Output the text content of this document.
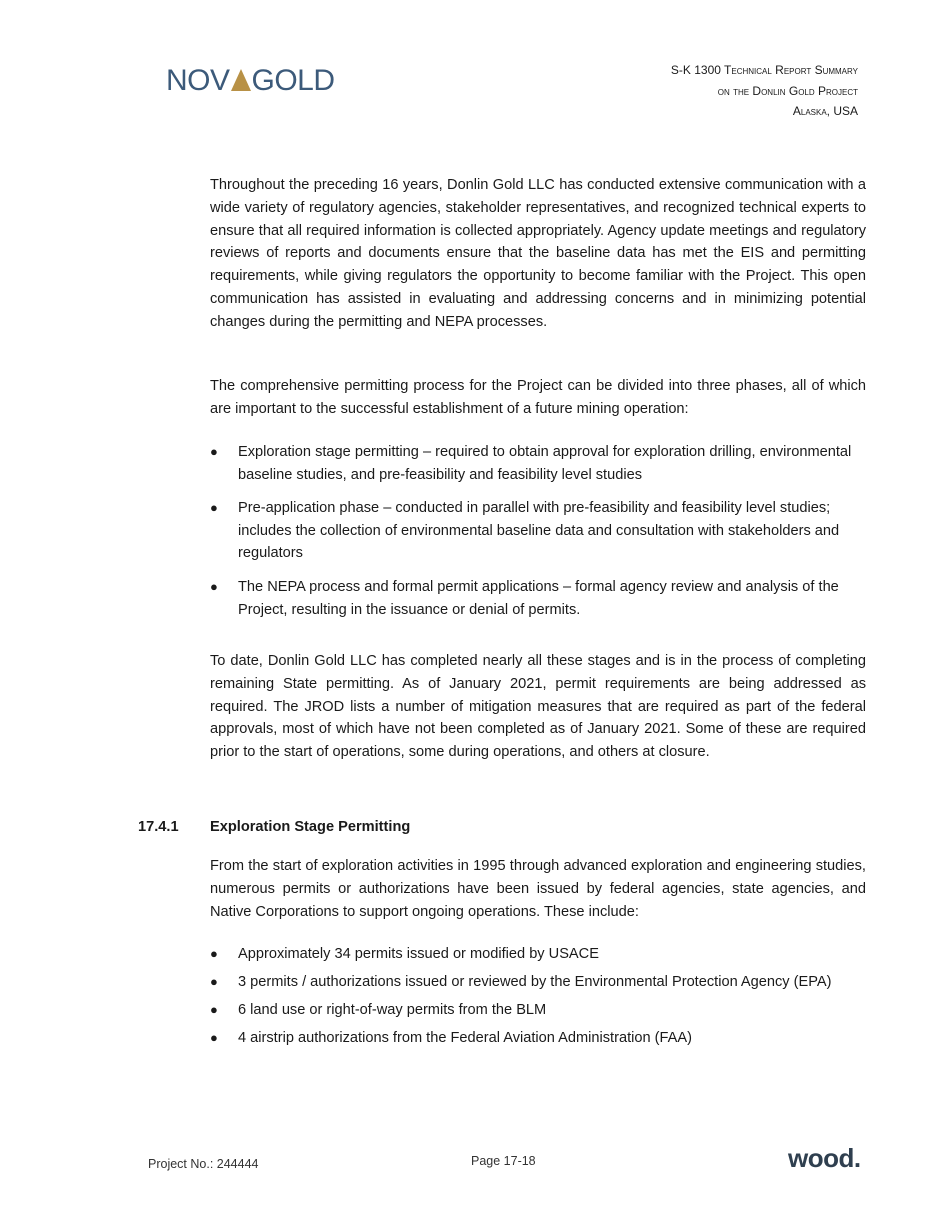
NOV GOLD	S-K 1300 Technical Report Summary
on the Donlin Gold Project
Alaska, USA

Throughout the preceding 16 years, Donlin Gold LLC has conducted extensive communication with a wide variety of regulatory agencies, stakeholder representatives, and recognized technical experts to ensure that all required information is collected appropriately. Agency update meetings and regulatory reviews of reports and documents ensure that the baseline data has met the EIS and permitting requirements, while giving regulators the opportunity to become familiar with the Project. This open communication has assisted in evaluating and addressing concerns and in minimizing potential changes during the permitting and NEPA processes.

The comprehensive permitting process for the Project can be divided into three phases, all of which are important to the successful establishment of a future mining operation:

● Exploration stage permitting – required to obtain approval for exploration drilling, environmental baseline studies, and pre-feasibility and feasibility level studies
● Pre-application phase – conducted in parallel with pre-feasibility and feasibility level studies; includes the collection of environmental baseline data and consultation with stakeholders and regulators
● The NEPA process and formal permit applications – formal agency review and analysis of the Project, resulting in the issuance or denial of permits.

To date, Donlin Gold LLC has completed nearly all these stages and is in the process of completing remaining State permitting. As of January 2021, permit requirements are being addressed as required. The JROD lists a number of mitigation measures that are required as part of the federal approvals, most of which have not been completed as of January 2021. Some of these are required prior to the start of operations, some during operations, and others at closure.

17.4.1 Exploration Stage Permitting

From the start of exploration activities in 1995 through advanced exploration and engineering studies, numerous permits or authorizations have been issued by federal agencies, state agencies, and Native Corporations to support ongoing operations. These include:

● Approximately 34 permits issued or modified by USACE
● 3 permits / authorizations issued or reviewed by the Environmental Protection Agency (EPA)
● 6 land use or right-of-way permits from the BLM
● 4 airstrip authorizations from the Federal Aviation Administration (FAA)
Project No.: 244444	Page 17-18	wood.
